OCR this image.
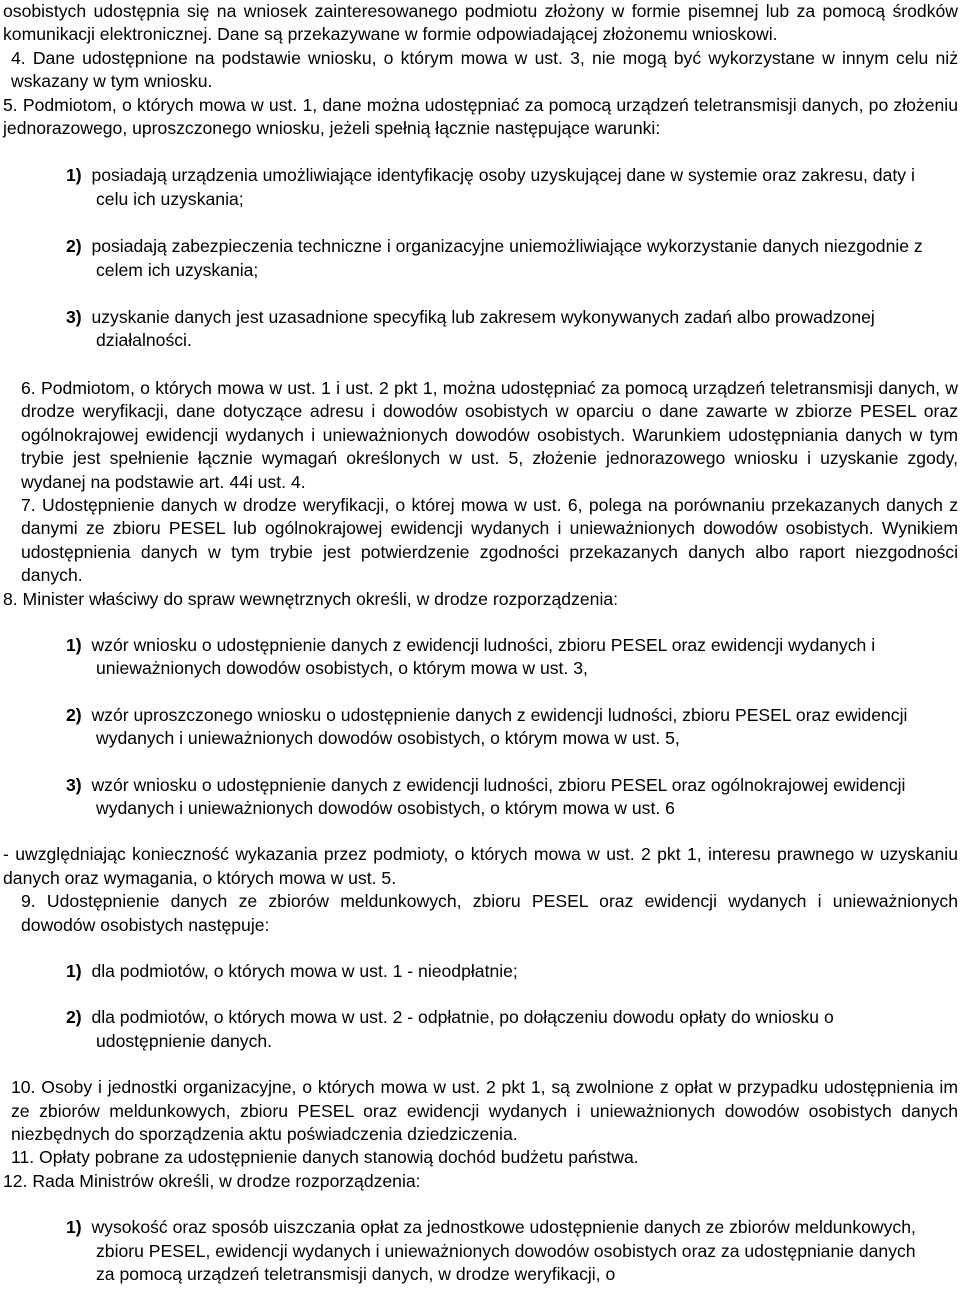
osobistych udostępnia się na wniosek zainteresowanego podmiotu złożony w formie pisemnej lub za pomocą środków komunikacji elektronicznej. Dane są przekazywane w formie odpowiadającej złożonemu wnioskowi.

4. Dane udostępnione na podstawie wniosku, o którym mowa w ust. 3, nie mogą być wykorzystane w innym celu niż wskazany w tym wniosku.

5. Podmiotom, o których mowa w ust. 1, dane można udostępniać za pomocą urządzeń teletransmisji danych, po złożeniu jednorazowego, uproszczonego wniosku, jeżeli spełnią łącznie następujące warunki:

1) posiadają urządzenia umożliwiające identyfikację osoby uzyskującej dane w systemie oraz zakresu, daty i celu ich uzyskania;
2) posiadają zabezpieczenia techniczne i organizacyjne uniemożliwiające wykorzystanie danych niezgodnie z celem ich uzyskania;
3) uzyskanie danych jest uzasadnione specyfiką lub zakresem wykonywanych zadań albo prowadzonej działalności.

6. Podmiotom, o których mowa w ust. 1 i ust. 2 pkt 1, można udostępniać za pomocą urządzeń teletransmisji danych, w drodze weryfikacji, dane dotyczące adresu i dowodów osobistych w oparciu o dane zawarte w zbiorze PESEL oraz ogólnokrajowej ewidencji wydanych i unieważnionych dowodów osobistych. Warunkiem udostępniania danych w tym trybie jest spełnienie łącznie wymagań określonych w ust. 5, złożenie jednorazowego wniosku i uzyskanie zgody, wydanej na podstawie art. 44i ust. 4.

7. Udostępnienie danych w drodze weryfikacji, o której mowa w ust. 6, polega na porównaniu przekazanych danych z danymi ze zbioru PESEL lub ogólnokrajowej ewidencji wydanych i unieważnionych dowodów osobistych. Wynikiem udostępnienia danych w tym trybie jest potwierdzenie zgodności przekazanych danych albo raport niezgodności danych.

8. Minister właściwy do spraw wewnętrznych określi, w drodze rozporządzenia:

1) wzór wniosku o udostępnienie danych z ewidencji ludności, zbioru PESEL oraz ewidencji wydanych i unieważnionych dowodów osobistych, o którym mowa w ust. 3,
2) wzór uproszczonego wniosku o udostępnienie danych z ewidencji ludności, zbioru PESEL oraz ewidencji wydanych i unieważnionych dowodów osobistych, o którym mowa w ust. 5,
3) wzór wniosku o udostępnienie danych z ewidencji ludności, zbioru PESEL oraz ogólnokrajowej ewidencji wydanych i unieważnionych dowodów osobistych, o którym mowa w ust. 6

- uwzględniając konieczność wykazania przez podmioty, o których mowa w ust. 2 pkt 1, interesu prawnego w uzyskaniu danych oraz wymagania, o których mowa w ust. 5.

9. Udostępnienie danych ze zbiorów meldunkowych, zbioru PESEL oraz ewidencji wydanych i unieważnionych dowodów osobistych następuje:

1) dla podmiotów, o których mowa w ust. 1 - nieodpłatnie;
2) dla podmiotów, o których mowa w ust. 2 - odpłatnie, po dołączeniu dowodu opłaty do wniosku o udostępnienie danych.

10. Osoby i jednostki organizacyjne, o których mowa w ust. 2 pkt 1, są zwolnione z opłat w przypadku udostępnienia im ze zbiorów meldunkowych, zbioru PESEL oraz ewidencji wydanych i unieważnionych dowodów osobistych danych niezbędnych do sporządzenia aktu poświadczenia dziedziczenia.

11. Opłaty pobrane za udostępnienie danych stanowią dochód budżetu państwa.

12. Rada Ministrów określi, w drodze rozporządzenia:

1) wysokość oraz sposób uiszczania opłat za jednostkowe udostępnienie danych ze zbiorów meldunkowych, zbioru PESEL, ewidencji wydanych i unieważnionych dowodów osobistych oraz za udostępnianie danych za pomocą urządzeń teletransmisji danych, w drodze weryfikacji, o
